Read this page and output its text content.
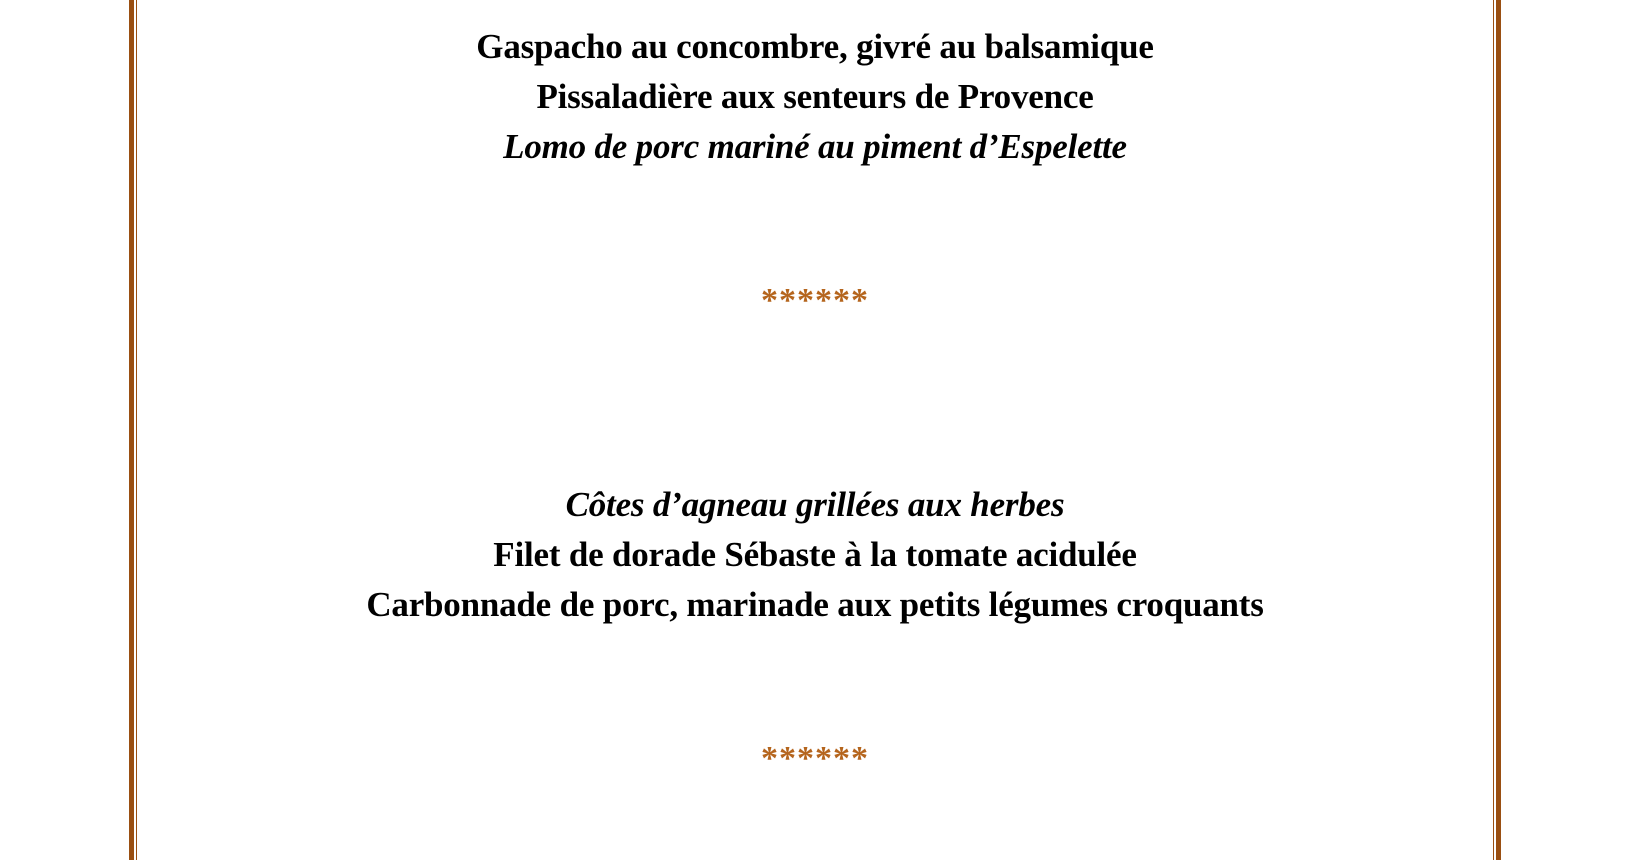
Gaspacho au concombre, givré au balsamique
Pissaladière aux senteurs de Provence
Lomo de porc mariné au piment d’Espelette
******
Côtes d’agneau grillées aux herbes
Filet de dorade Sébaste à la tomate acidulée
Carbonnade de porc, marinade aux petits légumes croquants
******
